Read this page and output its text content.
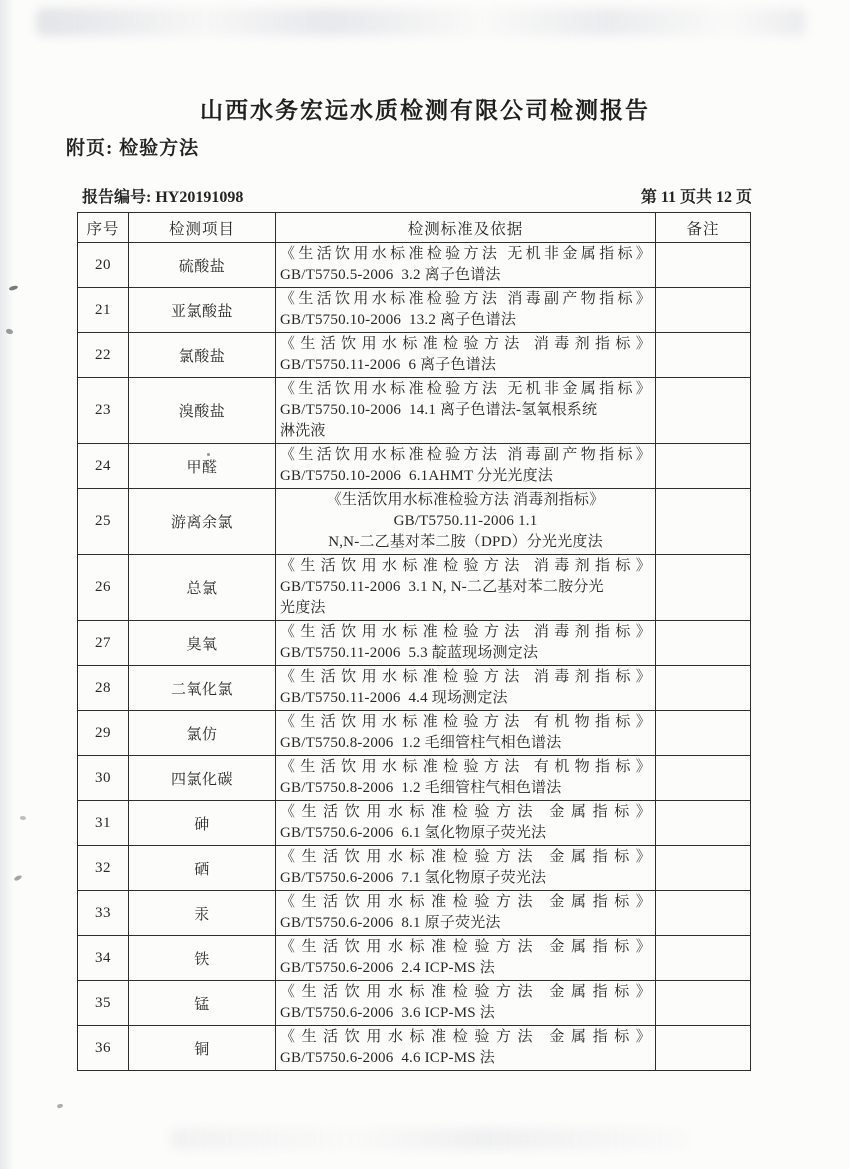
山西水务宏远水质检测有限公司检测报告
附页: 检验方法
报告编号: HY20191098	第 11 页共 12 页
序号	检测项目	检测标准及依据	备注
20	硫酸盐	《生活饮用水标准检验方法 无机非金属指标》
GB/T5750.5-2006  3.2 离子色谱法	

21	亚氯酸盐	《生活饮用水标准检验方法 消毒副产物指标》
GB/T5750.10-2006  13.2 离子色谱法	

22	氯酸盐	《生活饮用水标准检验方法 消毒剂指标》
GB/T5750.11-2006  6 离子色谱法	

23	溴酸盐	《生活饮用水标准检验方法 无机非金属指标》
GB/T5750.10-2006  14.1 离子色谱法-氢氧根系统
淋洗液	

24	甲醛	《生活饮用水标准检验方法 消毒副产物指标》
GB/T5750.10-2006  6.1AHMT 分光光度法	

25	游离余氯	《生活饮用水标准检验方法 消毒剂指标》
GB/T5750.11-2006 1.1
N,N-二乙基对苯二胺（DPD）分光光度法	

26	总氯	《生活饮用水标准检验方法 消毒剂指标》
GB/T5750.11-2006  3.1 N, N-二乙基对苯二胺分光
光度法	

27	臭氧	《生活饮用水标准检验方法 消毒剂指标》
GB/T5750.11-2006  5.3 靛蓝现场测定法	

28	二氧化氯	《生活饮用水标准检验方法 消毒剂指标》
GB/T5750.11-2006  4.4 现场测定法	

29	氯仿	《生活饮用水标准检验方法 有机物指标》
GB/T5750.8-2006  1.2 毛细管柱气相色谱法	

30	四氯化碳	《生活饮用水标准检验方法 有机物指标》
GB/T5750.8-2006  1.2 毛细管柱气相色谱法	

31	砷	《生活饮用水标准检验方法 金属指标》
GB/T5750.6-2006  6.1 氢化物原子荧光法	

32	硒	《生活饮用水标准检验方法 金属指标》
GB/T5750.6-2006  7.1 氢化物原子荧光法	

33	汞	《生活饮用水标准检验方法 金属指标》
GB/T5750.6-2006  8.1 原子荧光法	

34	铁	《生活饮用水标准检验方法 金属指标》
GB/T5750.6-2006  2.4 ICP-MS 法	

35	锰	《生活饮用水标准检验方法 金属指标》
GB/T5750.6-2006  3.6 ICP-MS 法	

36	铜	《生活饮用水标准检验方法 金属指标》
GB/T5750.6-2006  4.6 ICP-MS 法	
